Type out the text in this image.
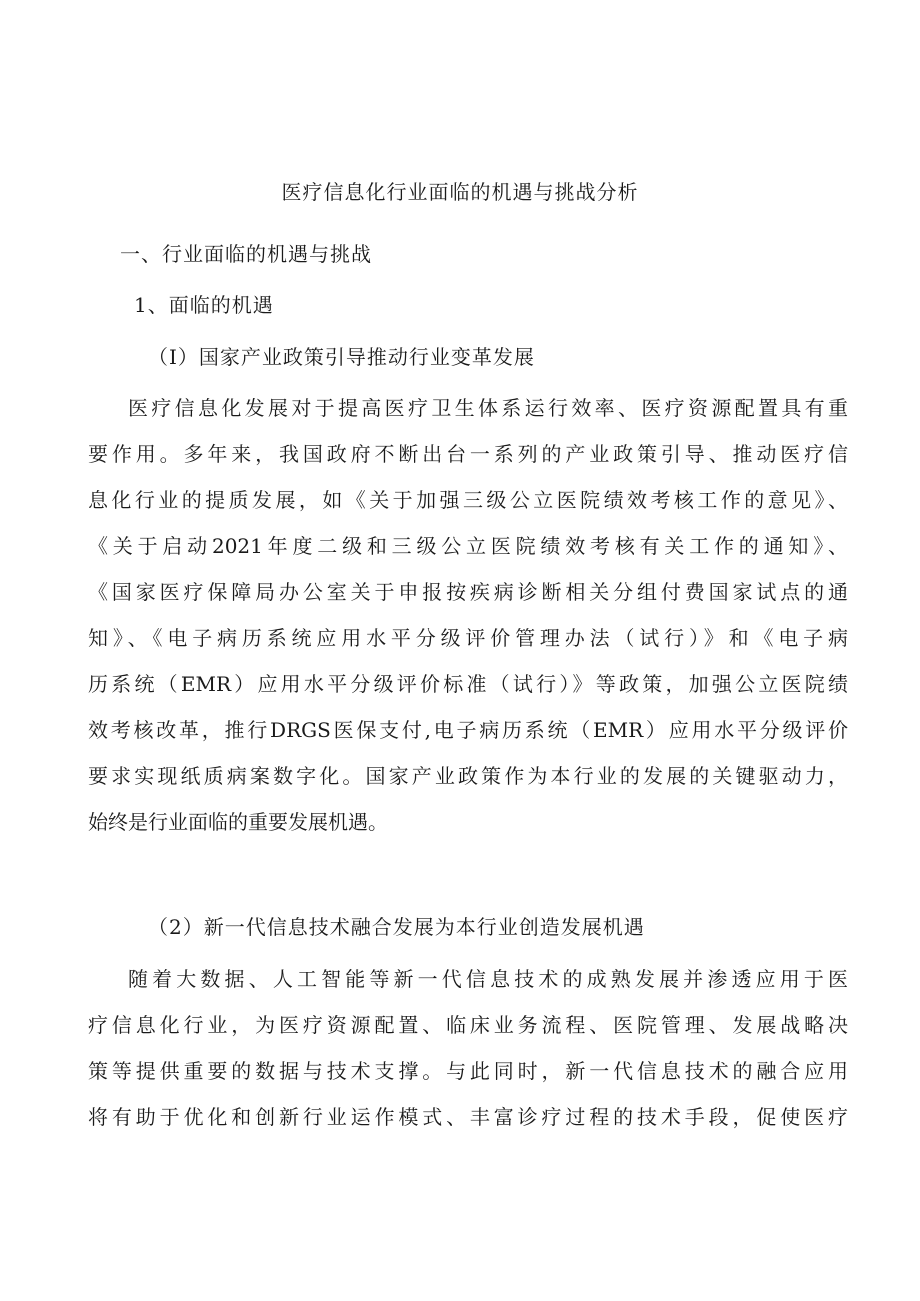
医疗信息化行业面临的机遇与挑战分析
一、行业面临的机遇与挑战
1、面临的机遇
（I）国家产业政策引导推动行业变革发展
医疗信息化发展对于提高医疗卫生体系运行效率、医疗资源配置具有重
要作用。多年来，我国政府不断出台一系列的产业政策引导、推动医疗信
息化行业的提质发展，如《关于加强三级公立医院绩效考核工作的意见》、
《关于启动2021年度二级和三级公立医院绩效考核有关工作的通知》、
《国家医疗保障局办公室关于申报按疾病诊断相关分组付费国家试点的通
知》、《电子病历系统应用水平分级评价管理办法（试行）》和《电子病
历系统（EMR）应用水平分级评价标准（试行）》等政策，加强公立医院绩
效考核改革，推行DRGS医保支付,电子病历系统（EMR）应用水平分级评价
要求实现纸质病案数字化。国家产业政策作为本行业的发展的关键驱动力，
始终是行业面临的重要发展机遇。
（2）新一代信息技术融合发展为本行业创造发展机遇
随着大数据、人工智能等新一代信息技术的成熟发展并渗透应用于医
疗信息化行业，为医疗资源配置、临床业务流程、医院管理、发展战略决
策等提供重要的数据与技术支撑。与此同时，新一代信息技术的融合应用
将有助于优化和创新行业运作模式、丰富诊疗过程的技术手段，促使医疗
